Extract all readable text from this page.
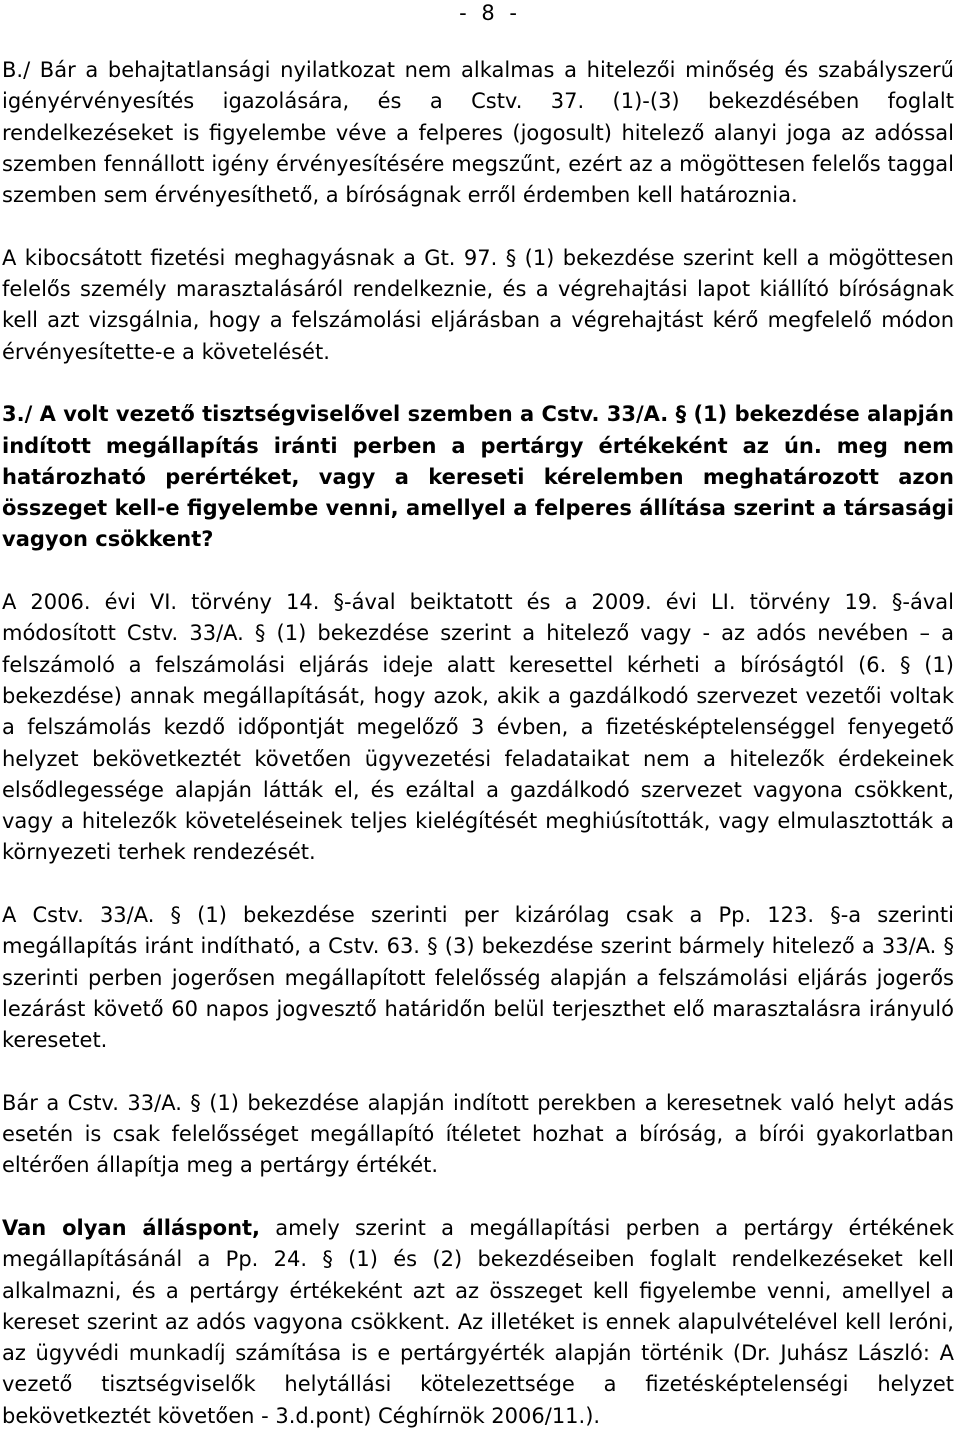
- 8 -

B./ Bár a behajtatlansági nyilatkozat nem alkalmas a hitelezői minőség és szabályszerű igényérvényesítés igazolására, és a Cstv. 37. (1)-(3) bekezdésében foglalt rendelkezéseket is figyelembe véve a felperes (jogosult) hitelező alanyi joga az adóssal szemben fennállott igény érvényesítésére megszűnt, ezért az a mögöttesen felelős taggal szemben sem érvényesíthető, a bíróságnak erről érdemben kell határoznia.

A kibocsátott fizetési meghagyásnak a Gt. 97. § (1) bekezdése szerint kell a mögöttesen felelős személy marasztalásáról rendelkeznie, és a végrehajtási lapot kiállító bíróságnak kell azt vizsgálnia, hogy a felszámolási eljárásban a végrehajtást kérő megfelelő módon érvényesítette-e a követelését.

3./ A volt vezető tisztségviselővel szemben a Cstv. 33/A. § (1) bekezdése alapján indított megállapítás iránti perben a pertárgy értékeként az ún. meg nem határozható perértéket, vagy a kereseti kérelemben meghatározott azon összeget kell-e figyelembe venni, amellyel a felperes állítása szerint a társasági vagyon csökkent?

A 2006. évi VI. törvény 14. §-ával beiktatott és a 2009. évi LI. törvény 19. §-ával módosított Cstv. 33/A. § (1) bekezdése szerint a hitelező vagy - az adós nevében – a felszámoló a felszámolási eljárás ideje alatt keresettel kérheti a bíróságtól (6. § (1) bekezdése) annak megállapítását, hogy azok, akik a gazdálkodó szervezet vezetői voltak a felszámolás kezdő időpontját megelőző 3 évben, a fizetésképtelenséggel fenyegető helyzet bekövetkeztét követően ügyvezetési feladataikat nem a hitelezők érdekeinek elsődlegessége alapján látták el, és ezáltal a gazdálkodó szervezet vagyona csökkent, vagy a hitelezők követeléseinek teljes kielégítését meghiúsították, vagy elmulasztották a környezeti terhek rendezését.

A Cstv. 33/A. § (1) bekezdése szerinti per kizárólag csak a Pp. 123. §-a szerinti megállapítás iránt indítható, a Cstv. 63. § (3) bekezdése szerint bármely hitelező a 33/A. § szerinti perben jogerősen megállapított felelősség alapján a felszámolási eljárás jogerős lezárást követő 60 napos jogvesztő határidőn belül terjeszthet elő marasztalásra irányuló keresetet.

Bár a Cstv. 33/A. § (1) bekezdése alapján indított perekben a keresetnek való helyt adás esetén is csak felelősséget megállapító ítéletet hozhat a bíróság, a bírói gyakorlatban eltérően állapítja meg a pertárgy értékét.

Van olyan álláspont, amely szerint a megállapítási perben a pertárgy értékének megállapításánál a Pp. 24. § (1) és (2) bekezdéseiben foglalt rendelkezéseket kell alkalmazni, és a pertárgy értékeként azt az összeget kell figyelembe venni, amellyel a kereset szerint az adós vagyona csökkent. Az illetéket is ennek alapulvételével kell leróni, az ügyvédi munkadíj számítása is e pertárgyérték alapján történik (Dr. Juhász László: A vezető tisztségviselők helytállási kötelezettsége a fizetésképtelenségi helyzet bekövetkeztét követően - 3.d.pont) Céghírnök 2006/11.).
